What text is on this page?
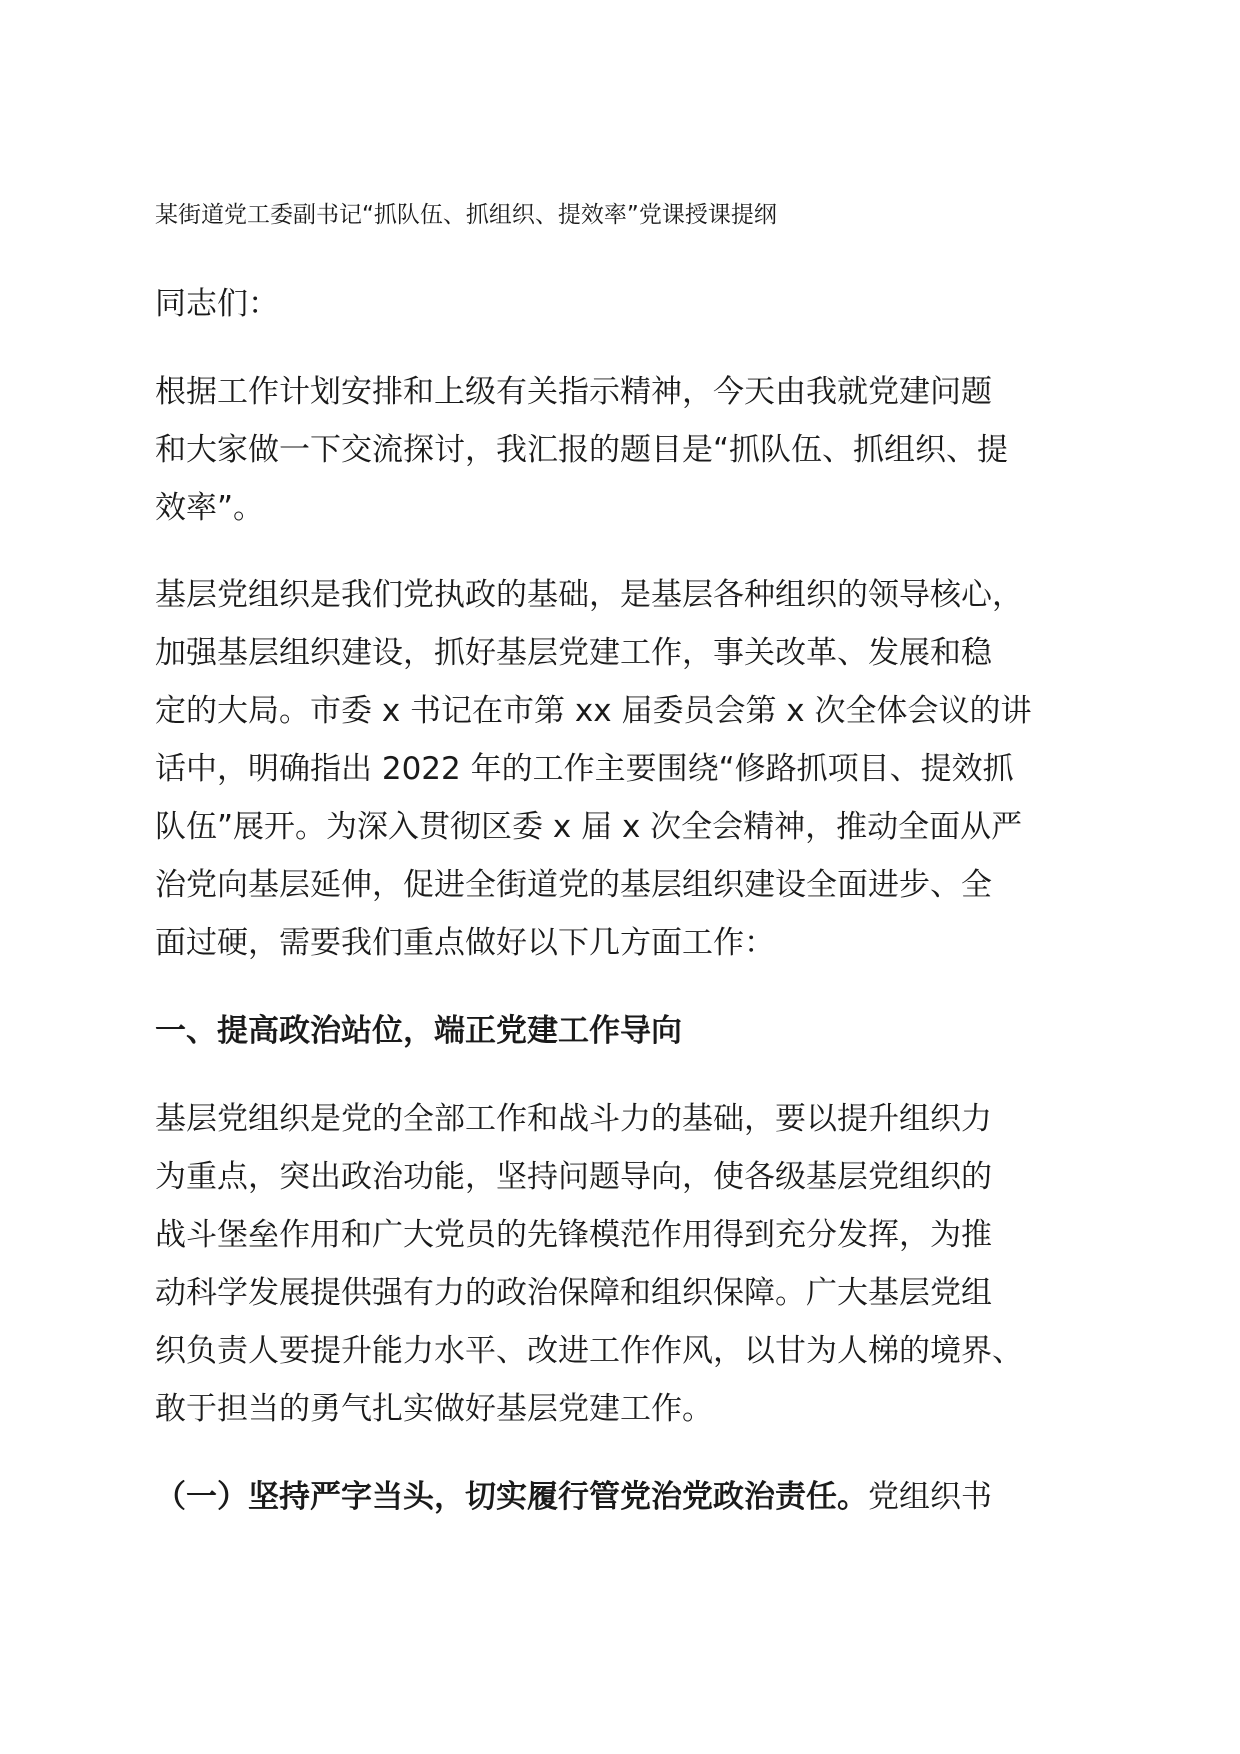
某街道党工委副书记“抓队伍、抓组织、提效率”党课授课提纲

同志们：

根据工作计划安排和上级有关指示精神，今天由我就党建问题
和大家做一下交流探讨，我汇报的题目是“抓队伍、抓组织、提
效率”。

基层党组织是我们党执政的基础，是基层各种组织的领导核心，
加强基层组织建设，抓好基层党建工作，事关改革、发展和稳
定的大局。市委 x 书记在市第 xx 届委员会第 x 次全体会议的讲
话中，明确指出 2022 年的工作主要围绕“修路抓项目、提效抓
队伍”展开。为深入贯彻区委 x 届 x 次全会精神，推动全面从严
治党向基层延伸，促进全街道党的基层组织建设全面进步、全
面过硬，需要我们重点做好以下几方面工作：

一、提高政治站位，端正党建工作导向

基层党组织是党的全部工作和战斗力的基础，要以提升组织力
为重点，突出政治功能，坚持问题导向，使各级基层党组织的
战斗堡垒作用和广大党员的先锋模范作用得到充分发挥，为推
动科学发展提供强有力的政治保障和组织保障。广大基层党组
织负责人要提升能力水平、改进工作作风，以甘为人梯的境界、
敢于担当的勇气扎实做好基层党建工作。

（一）坚持严字当头，切实履行管党治党政治责任。党组织书
